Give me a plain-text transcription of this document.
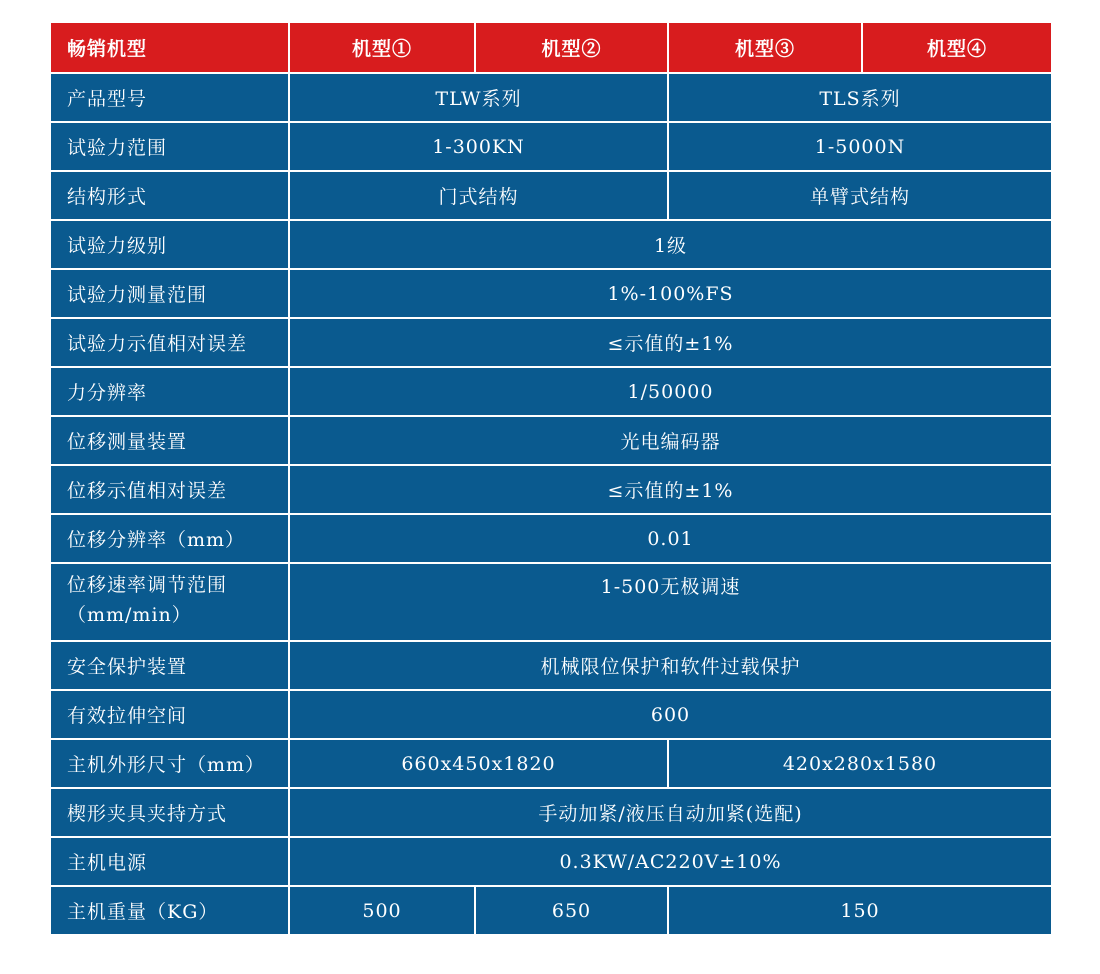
畅销机型	机型①	机型②	机型③	机型④
产品型号	TLW系列		TLS系列	
试验力范围	1-300KN		1-5000N	
结构形式	门式结构		单臂式结构	
试验力级别	1级			
试验力测量范围	1%-100%FS			
试验力示值相对误差	≤示值的±1%			
力分辨率	1/50000			
位移测量装置	光电编码器			
位移示值相对误差	≤示值的±1%			
位移分辨率（mm）	0.01			
位移速率调节范围（mm/min）	1-500无极调速			
安全保护装置	机械限位保护和软件过载保护			
有效拉伸空间	600			
主机外形尺寸（mm）	660x450x1820		420x280x1580	
楔形夹具夹持方式	手动加紧/液压自动加紧(选配)			
主机电源	0.3KW/AC220V±10%			
主机重量（KG）	500	650	150	
